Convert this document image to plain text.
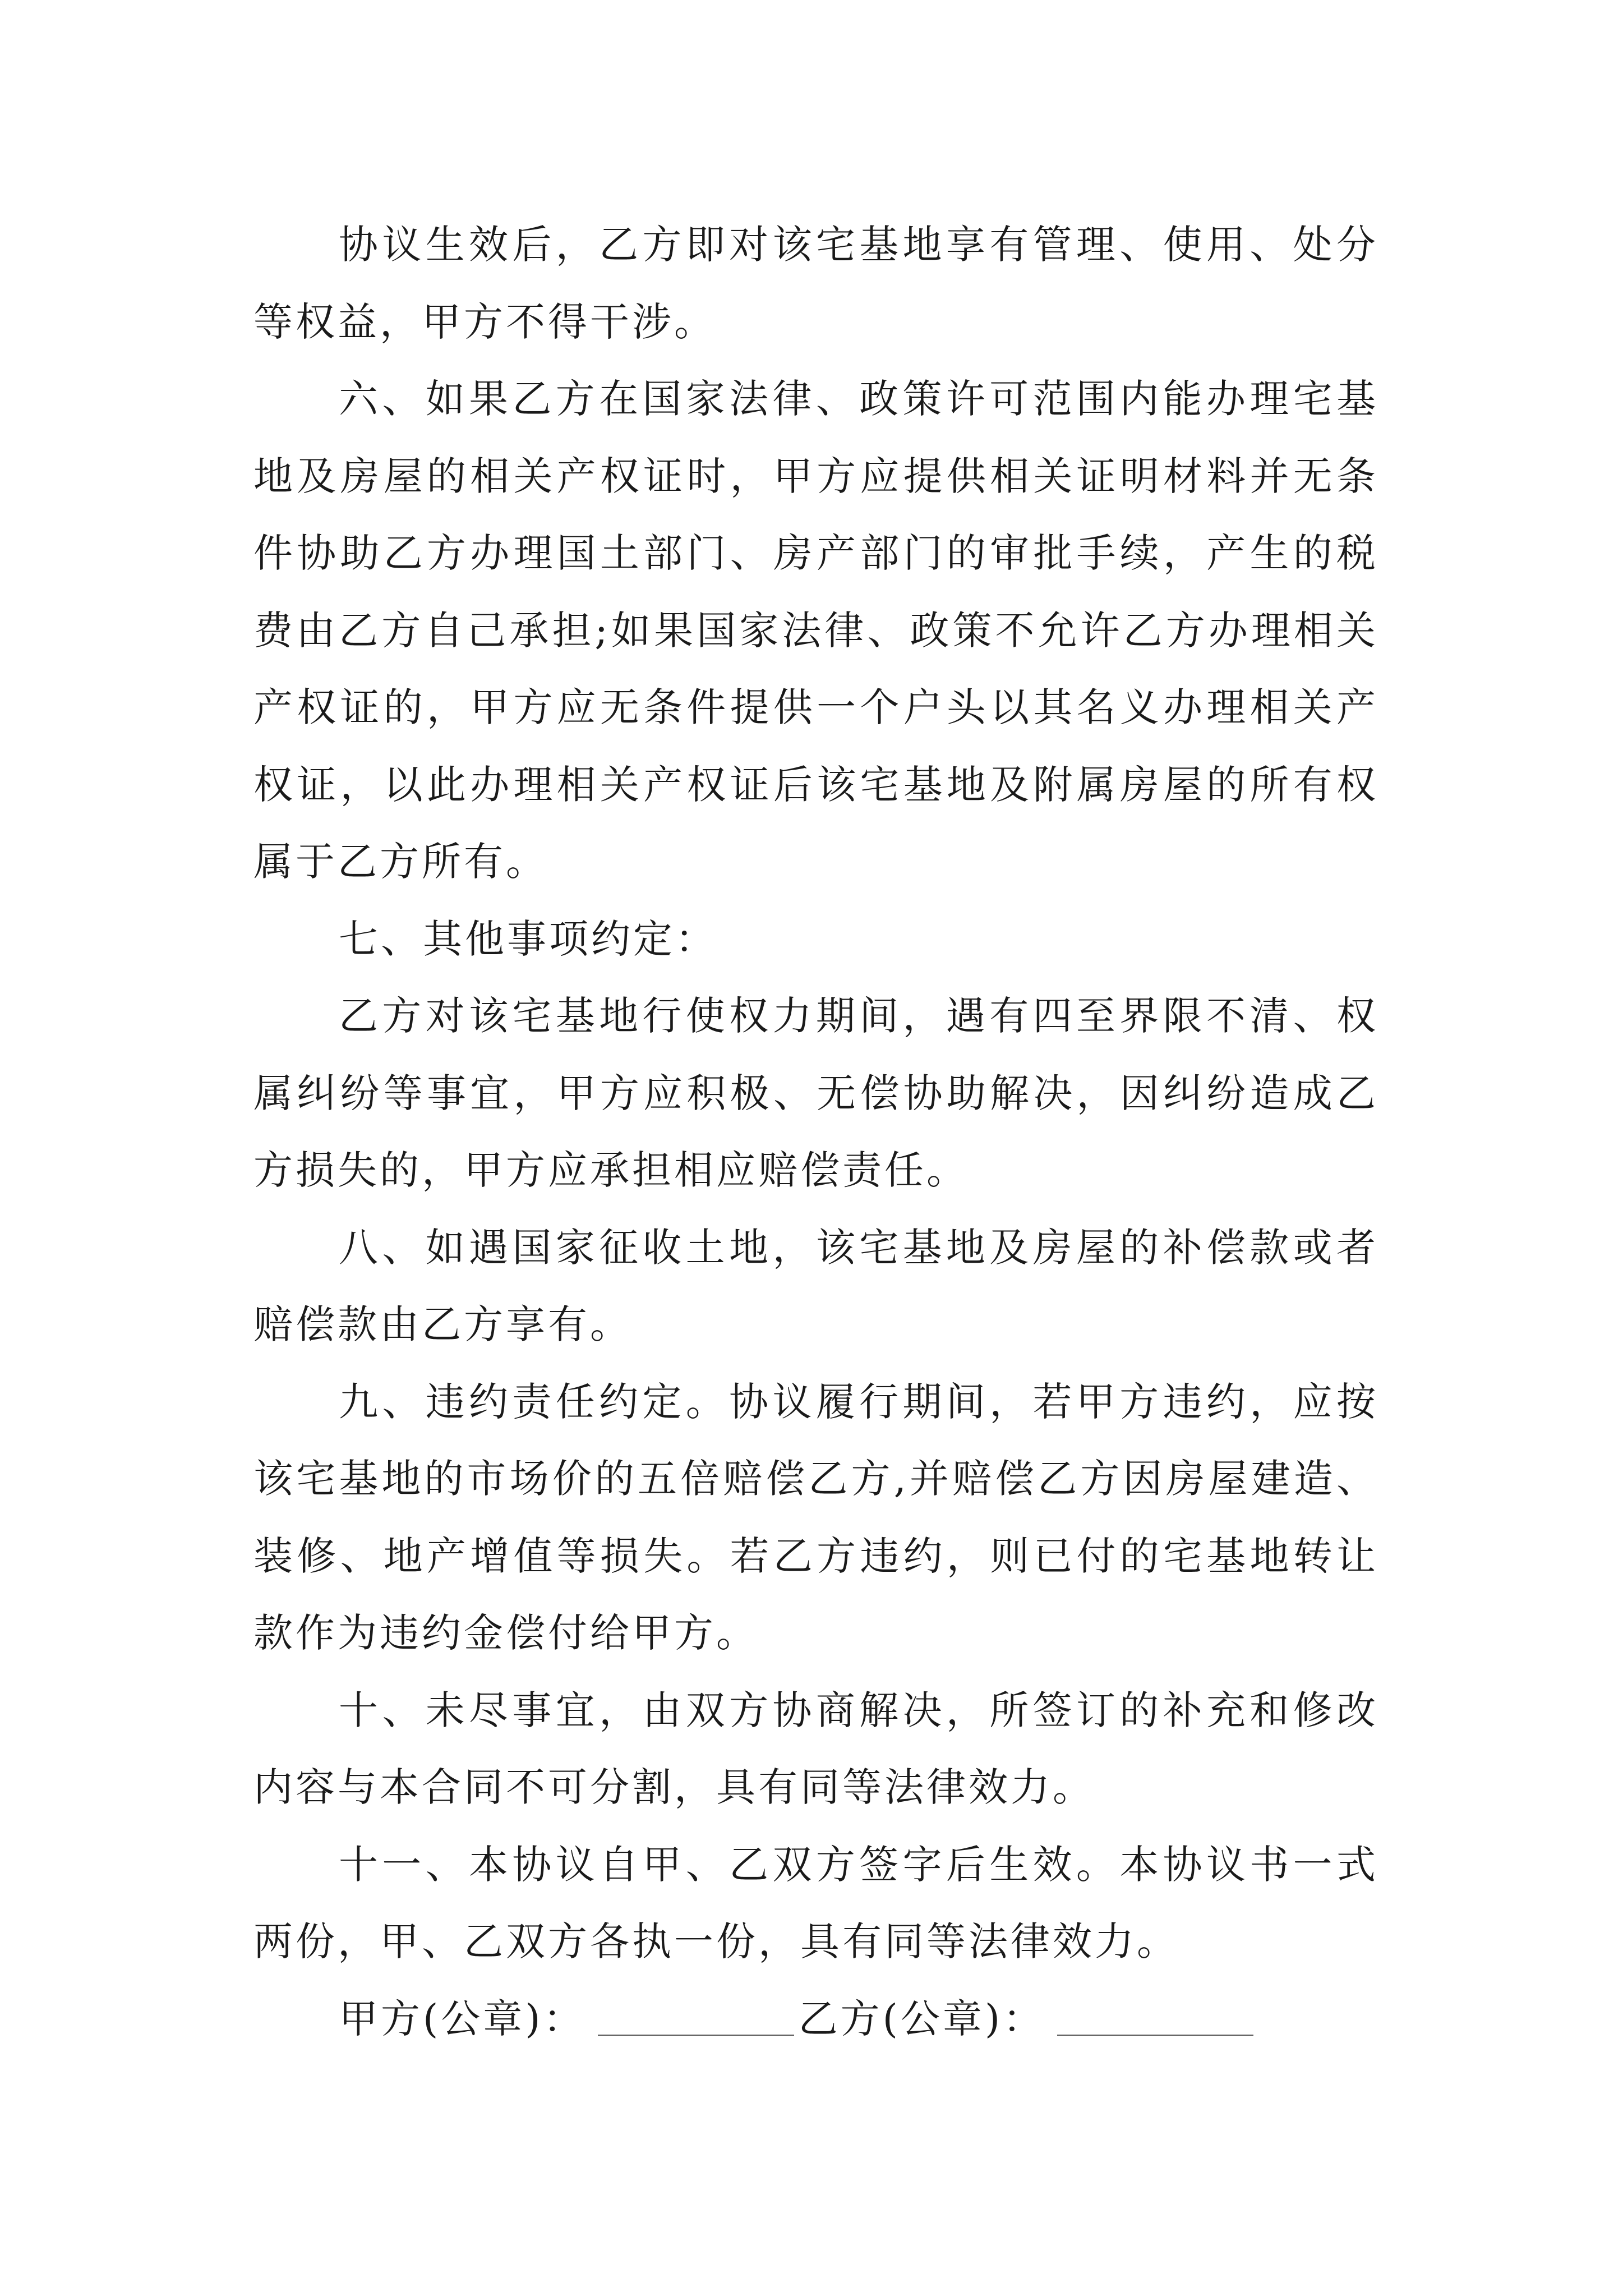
协议生效后，乙方即对该宅基地享有管理、使用、处分等权益，甲方不得干涉。

六、如果乙方在国家法律、政策许可范围内能办理宅基地及房屋的相关产权证时，甲方应提供相关证明材料并无条件协助乙方办理国土部门、房产部门的审批手续，产生的税费由乙方自己承担;如果国家法律、政策不允许乙方办理相关产权证的，甲方应无条件提供一个户头以其名义办理相关产权证，以此办理相关产权证后该宅基地及附属房屋的所有权属于乙方所有。

七、其他事项约定：

乙方对该宅基地行使权力期间，遇有四至界限不清、权属纠纷等事宜，甲方应积极、无偿协助解决，因纠纷造成乙方损失的，甲方应承担相应赔偿责任。

八、如遇国家征收土地，该宅基地及房屋的补偿款或者赔偿款由乙方享有。

九、违约责任约定。协议履行期间，若甲方违约，应按该宅基地的市场价的五倍赔偿乙方,并赔偿乙方因房屋建造、装修、地产增值等损失。若乙方违约，则已付的宅基地转让款作为违约金偿付给甲方。

十、未尽事宜，由双方协商解决，所签订的补充和修改内容与本合同不可分割，具有同等法律效力。

十一、本协议自甲、乙双方签字后生效。本协议书一式两份，甲、乙双方各执一份，具有同等法律效力。

甲方(公章)：	乙方(公章)：
